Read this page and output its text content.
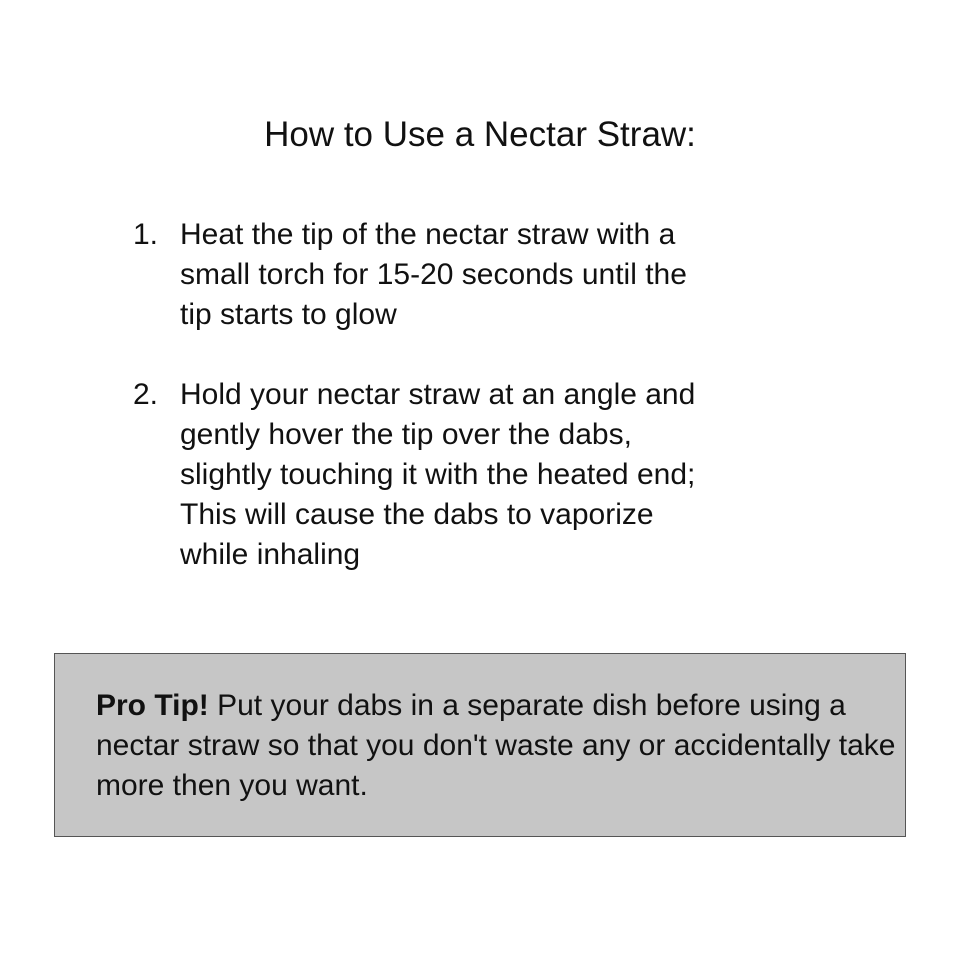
How to Use a Nectar Straw:
1. Heat the tip of the nectar straw with a
small torch for 15-20 seconds until the
tip starts to glow
2. Hold your nectar straw at an angle and
gently hover the tip over the dabs,
slightly touching it with the heated end;
This will cause the dabs to vaporize
while inhaling

Pro Tip! Put your dabs in a separate dish before using a nectar straw so that you don't waste any or accidentally take more then you want.
